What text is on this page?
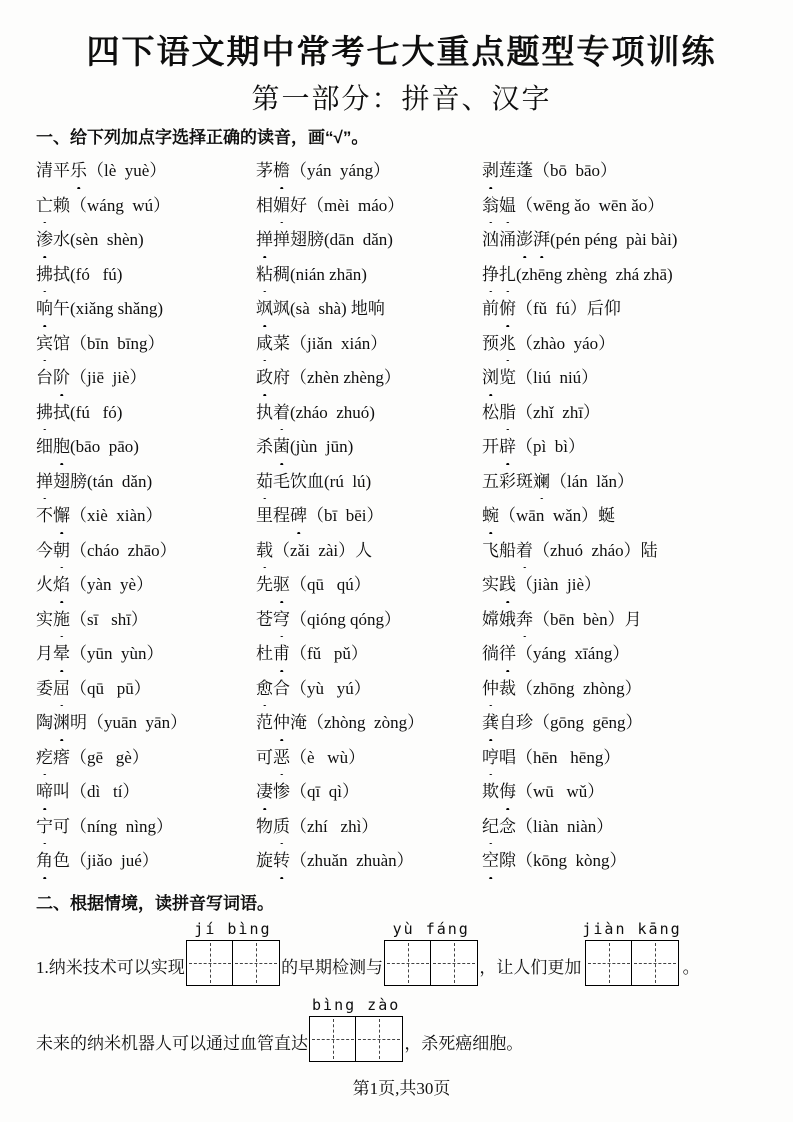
四下语文期中常考七大重点题型专项训练
第一部分：拼音、汉字
一、给下列加点字选择正确的读音，画“√”。
清平乐（lè  yuè）	茅檐（yán  yáng）	剥莲蓬（bō  bāo）
亡赖（wáng  wú）	相媚好（mèi  máo）	翁媪（wēng ǎo  wēn ǎo）
渗水(sèn  shèn)	掸掸翅膀(dān  dǎn)	汹涌澎湃(pén péng  pài bài)
拂拭(fó   fú)	粘稠(nián zhān)	挣扎(zhēng zhèng  zhá zhā)
响午(xiǎng shǎng)	飒飒(sà  shà) 地响	前俯（fǔ  fú）后仰
宾馆（bīn  bīng）	咸菜（jiǎn  xián）	预兆（zhào  yáo）
台阶（jiē  jiè）	政府（zhèn zhèng）	浏览（liú  niú）
拂拭(fú   fó)	执着(zháo  zhuó)	松脂（zhǐ  zhī）
细胞(bāo  pāo)	杀菌(jùn  jūn)	开辟（pì  bì）
掸翅膀(tán  dǎn)	茹毛饮血(rú  lú)	五彩斑斓（lán  lǎn）
不懈（xiè  xiàn）	里程碑（bī  bēi）	蜿（wān  wǎn）蜒
今朝（cháo  zhāo）	载（zǎi  zài）人	飞船着（zhuó  zháo）陆
火焰（yàn  yè）	先驱（qū   qú）	实践（jiàn  jiè）
实施（sī   shī）	苍穹（qióng qóng）	嫦娥奔（bēn  bèn）月
月晕（yūn  yùn）	杜甫（fǔ   pǔ）	徜徉（yáng  xīáng）
委屈（qū   pū）	愈合（yù   yú）	仲裁（zhōng  zhòng）
陶渊明（yuān  yān）	范仲淹（zhòng  zòng）	龚自珍（gōng  gēng）
疙瘩（gē   gè）	可恶（è   wù）	哼唱（hēn   hēng）
啼叫（dì   tí）	凄惨（qī  qì）	欺侮（wū   wǔ）
宁可（níng  nìng）	物质（zhí   zhì）	纪念（liàn  niàn）
角色（jiǎo  jué）	旋转（zhuǎn  zhuàn）	空隙（kōng  kòng）
二、根据情境，读拼音写词语。
1.纳米技术可以实现
jí bìng
的早期检测与
yù fáng
，让人们更加
jiàn kāng
。
未来的纳米机器人可以通过血管直达
bìng zào
，杀死癌细胞。
第1页,共30页
